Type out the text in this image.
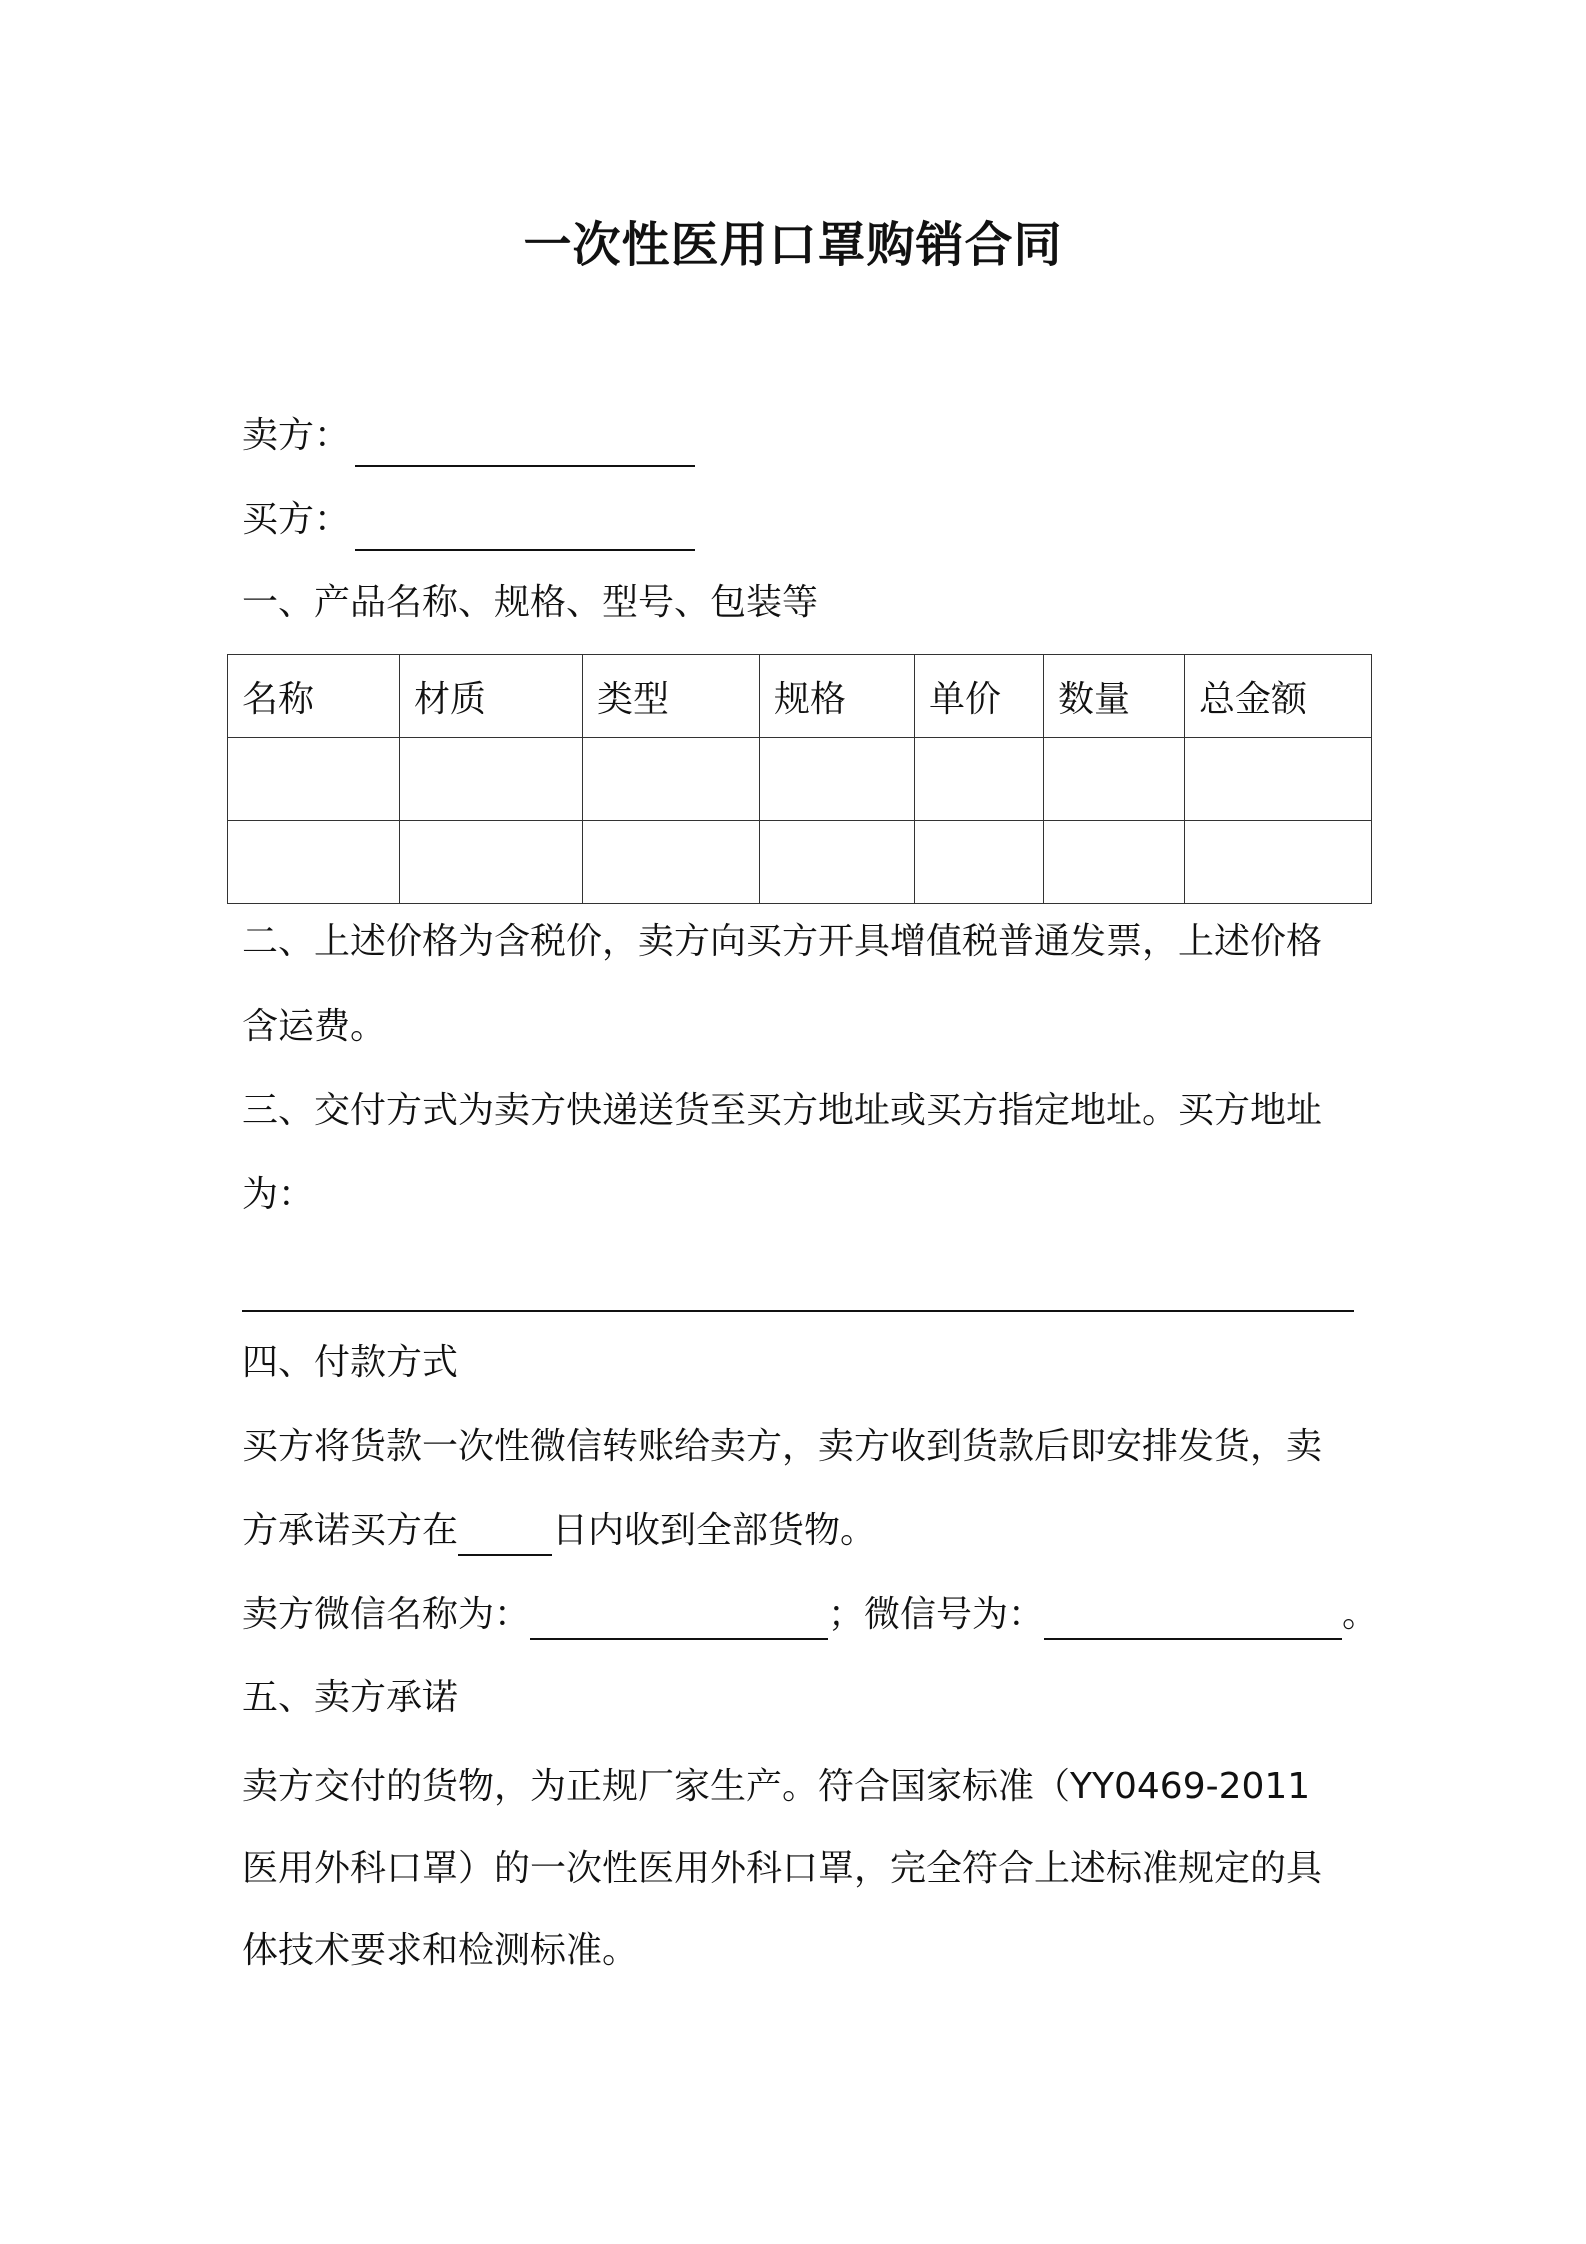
一次性医用口罩购销合同
卖方：
买方：
一、产品名称、规格、型号、包装等
名称	材质	类型	规格	单价	数量	总金额

二、上述价格为含税价，卖方向买方开具增值税普通发票，上述价格
含运费。
三、交付方式为卖方快递送货至买方地址或买方指定地址。买方地址
为：
四、付款方式
买方将货款一次性微信转账给卖方，卖方收到货款后即安排发货，卖
方承诺买方在	日内收到全部货物。
卖方微信名称为：	；微信号为：	。
五、卖方承诺
卖方交付的货物，为正规厂家生产。符合国家标准（YY0469-2011
医用外科口罩）的一次性医用外科口罩，完全符合上述标准规定的具
体技术要求和检测标准。
